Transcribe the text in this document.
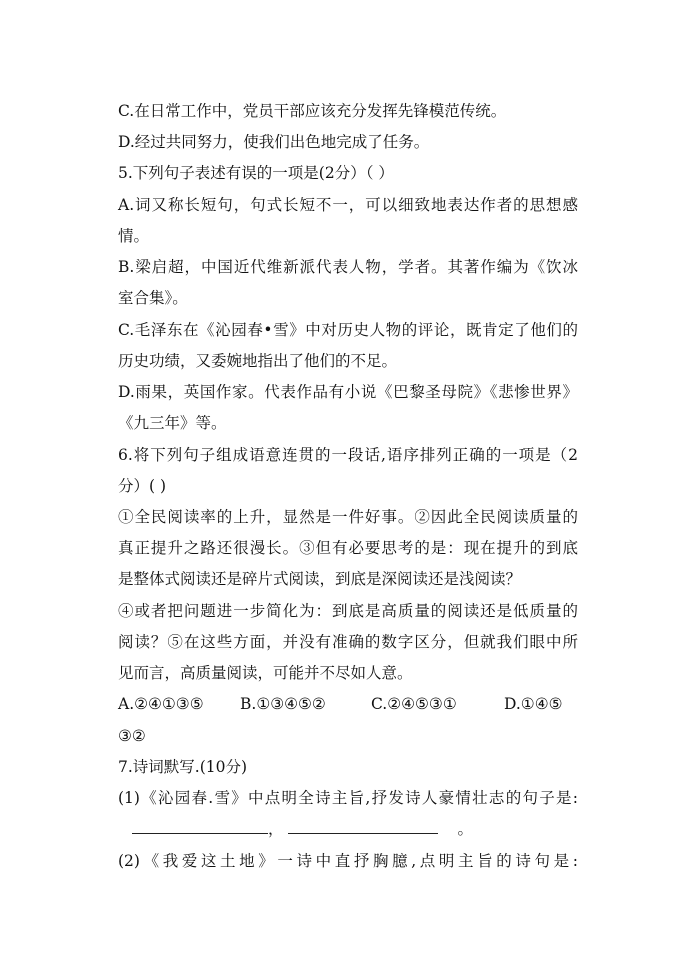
C.在日常工作中，党员干部应该充分发挥先锋模范传统。
D.经过共同努力，使我们出色地完成了任务。
5.下列句子表述有误的一项是(2分）（ ）
A.词又称长短句，句式长短不一，可以细致地表达作者的思想感
情。
B.梁启超，中国近代维新派代表人物，学者。其著作编为《饮冰
室合集》。
C.毛泽东在《沁园春•雪》中对历史人物的评论，既肯定了他们的
历史功绩，又委婉地指出了他们的不足。
D.雨果，英国作家。代表作品有小说《巴黎圣母院》《悲惨世界》
《九三年》等。
6.将下列句子组成语意连贯的一段话,语序排列正确的一项是（2
分）( )
①全民阅读率的上升，显然是一件好事。②因此全民阅读质量的
真正提升之路还很漫长。③但有必要思考的是：现在提升的到底
是整体式阅读还是碎片式阅读，到底是深阅读还是浅阅读？
④或者把问题进一步简化为：到底是高质量的阅读还是低质量的
阅读？⑤在这些方面，并没有准确的数字区分，但就我们眼中所
见而言，高质量阅读，可能并不尽如人意。
A.②④①③⑤ B.①③④⑤②	C.②④⑤③①	D.①④⑤
③②
7.诗词默写.(10分)
(1)《沁园春.雪》中点明全诗主旨,抒发诗人豪情壮志的句子是:
，	。
(2)《我爱这土地》一诗中直抒胸臆,点明主旨的诗句是:
